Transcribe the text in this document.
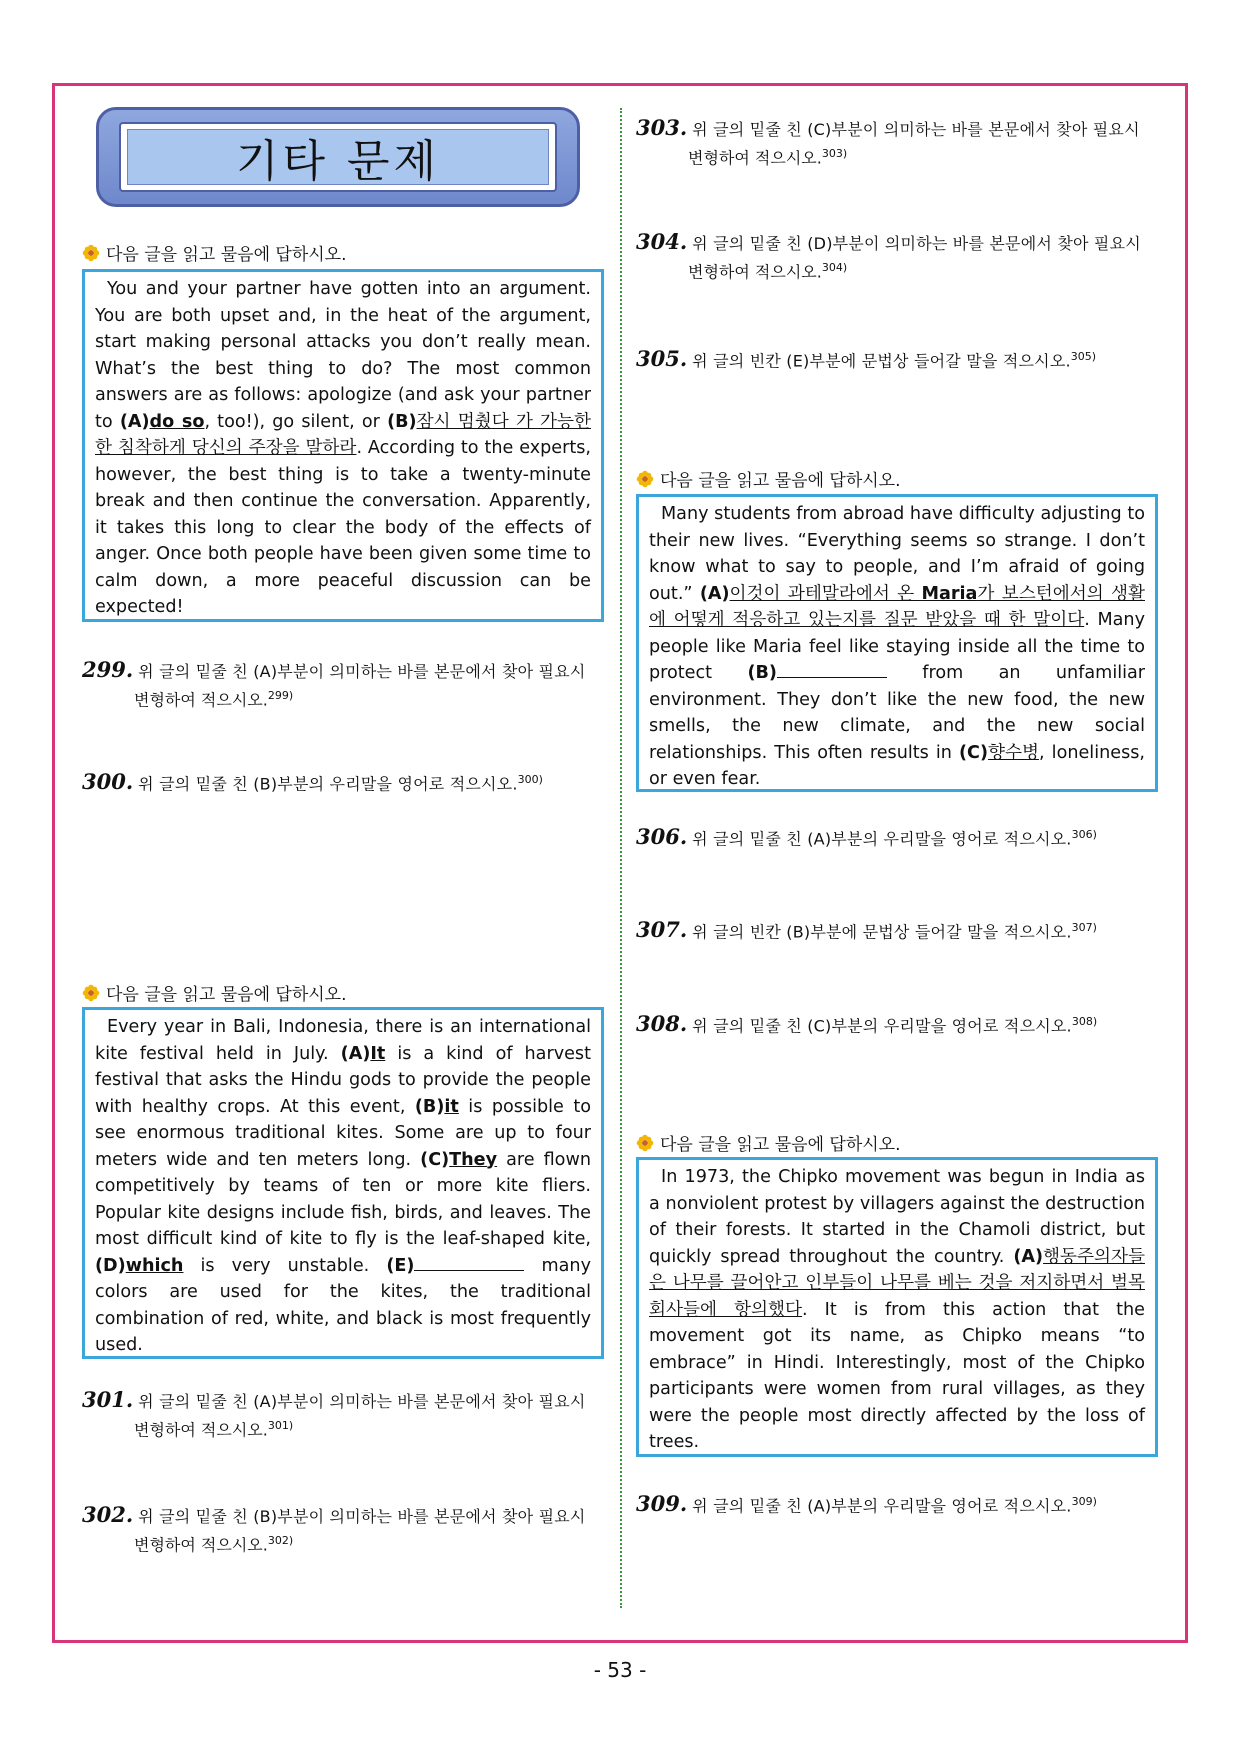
기타 문제
다음 글을 읽고 물음에 답하시오.

You and your partner have gotten into an argument. You are both upset and, in the heat of the argument, start making personal attacks you don’t really mean. What’s the best thing to do? The most common answers are as follows: apologize (and ask your partner to (A)do so, too!), go silent, or (B)잠시 멈췄다 가 가능한 한 침착하게 당신의 주장을 말하라. According to the experts, however, the best thing is to take a twenty-minute break and then continue the conversation. Apparently, it takes this long to clear the body of the effects of anger. Once both people have been given some time to calm down, a more peaceful discussion can be expected!

299. 위 글의 밑줄 친 (A)부분이 의미하는 바를 본문에서 찾아 필요시
변형하여 적으시오.$^{299)}$
300. 위 글의 밑줄 친 (B)부분의 우리말을 영어로 적으시오.$^{300)}$
다음 글을 읽고 물음에 답하시오.

Every year in Bali, Indonesia, there is an international kite festival held in July. (A)It is a kind of harvest festival that asks the Hindu gods to provide the people with healthy crops. At this event, (B)it is possible to see enormous traditional kites. Some are up to four meters wide and ten meters long. (C)They are flown competitively by teams of ten or more kite fliers. Popular kite designs include fish, birds, and leaves. The most difficult kind of kite to fly is the leaf-shaped kite, (D)which is very unstable. (E)	many colors are used for the kites, the traditional combination of red, white, and black is most frequently used.

301. 위 글의 밑줄 친 (A)부분이 의미하는 바를 본문에서 찾아 필요시
변형하여 적으시오.$^{301)}$
302. 위 글의 밑줄 친 (B)부분이 의미하는 바를 본문에서 찾아 필요시
변형하여 적으시오.$^{302)}$
303. 위 글의 밑줄 친 (C)부분이 의미하는 바를 본문에서 찾아 필요시
변형하여 적으시오.$^{303)}$
304. 위 글의 밑줄 친 (D)부분이 의미하는 바를 본문에서 찾아 필요시
변형하여 적으시오.$^{304)}$
305. 위 글의 빈칸 (E)부분에 문법상 들어갈 말을 적으시오.$^{305)}$
다음 글을 읽고 물음에 답하시오.

Many students from abroad have difficulty adjusting to their new lives. “Everything seems so strange. I don’t know what to say to people, and I’m afraid of going out.” (A)이것이 과테말라에서 온 Maria가 보스턴에서의 생활에 어떻게 적응하고 있는지를 질문 받았을 때 한 말이다. Many people like Maria feel like staying inside all the time to protect (B)	from an unfamiliar environment. They don’t like the new food, the new smells, the new climate, and the new social relationships. This often results in (C)향수병, loneliness, or even fear.

306. 위 글의 밑줄 친 (A)부분의 우리말을 영어로 적으시오.$^{306)}$
307. 위 글의 빈칸 (B)부분에 문법상 들어갈 말을 적으시오.$^{307)}$
308. 위 글의 밑줄 친 (C)부분의 우리말을 영어로 적으시오.$^{308)}$
다음 글을 읽고 물음에 답하시오.

In 1973, the Chipko movement was begun in India as a nonviolent protest by villagers against the destruction of their forests. It started in the Chamoli district, but quickly spread throughout the country. (A)행동주의자들은 나무를 끌어안고 인부들이 나무를 베는 것을 저지하면서 벌목 회사들에 항의했다. It is from this action that the movement got its name, as Chipko means “to embrace” in Hindi. Interestingly, most of the Chipko participants were women from rural villages, as they were the people most directly affected by the loss of trees.

309. 위 글의 밑줄 친 (A)부분의 우리말을 영어로 적으시오.$^{309)}$
- 53 -
